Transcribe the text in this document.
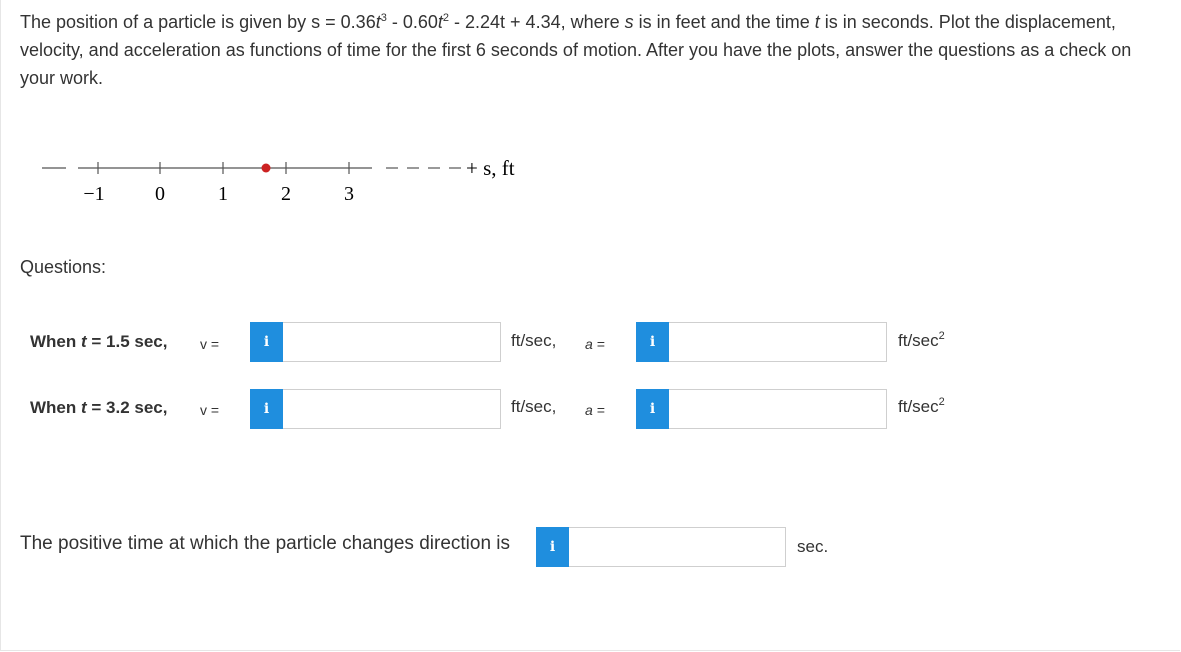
The position of a particle is given by $s = 0.36t^3 - 0.60t^2 - 2.24t + 4.34$, where s is in feet and the time t is in seconds. Plot the displacement, velocity, and acceleration as functions of time for the first 6 seconds of motion. After you have the plots, answer the questions as a check on your work.
−1	0	1	2	3
+ s, ft
Questions:
When t = 1.5 sec, v =	i	ft/sec, a =	i	$ft/\sec^2$
When t = 3.2 sec, v =	i	ft/sec, a =	i	$ft/\sec^2$
The positive time at which the particle changes direction is	i	sec.
